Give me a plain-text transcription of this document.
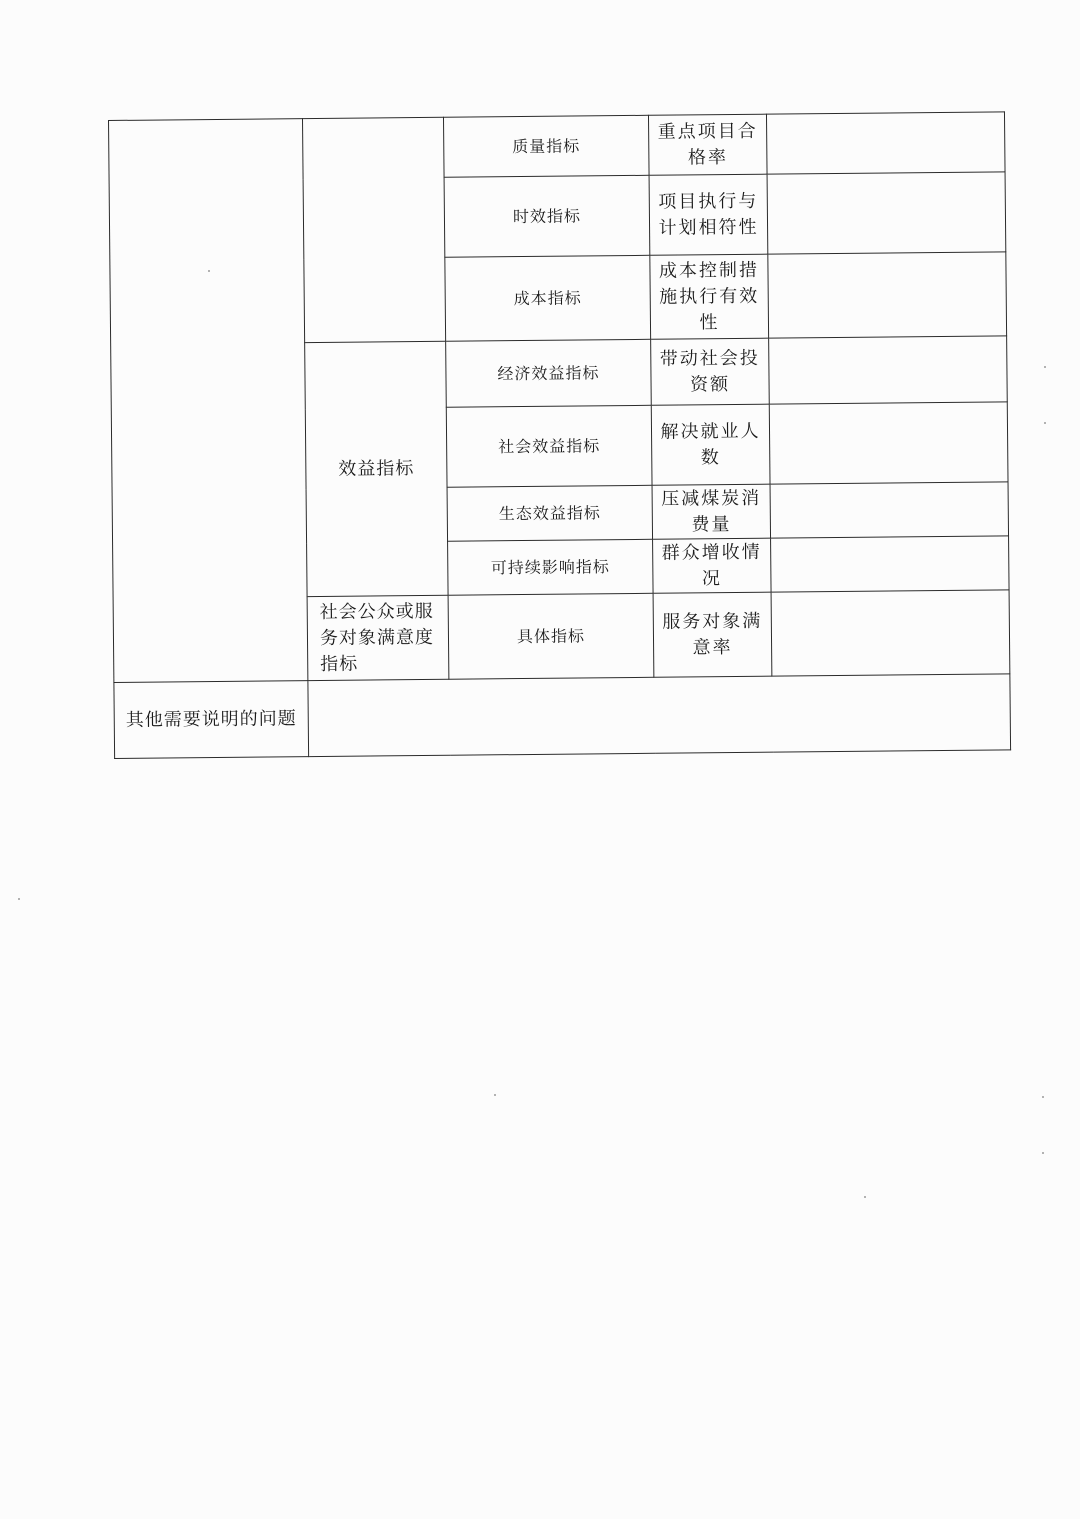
		质量指标	重点项目合格率	
		时效指标	项目执行与计划相符性	
		成本指标	成本控制措施执行有效性	
	效益指标	经济效益指标	带动社会投资额	
		社会效益指标	解决就业人数	
		生态效益指标	压减煤炭消费量	
		可持续影响指标	群众增收情况	
	社会公众或服务对象满意度指标	具体指标	服务对象满意率	
其他需要说明的问题				
